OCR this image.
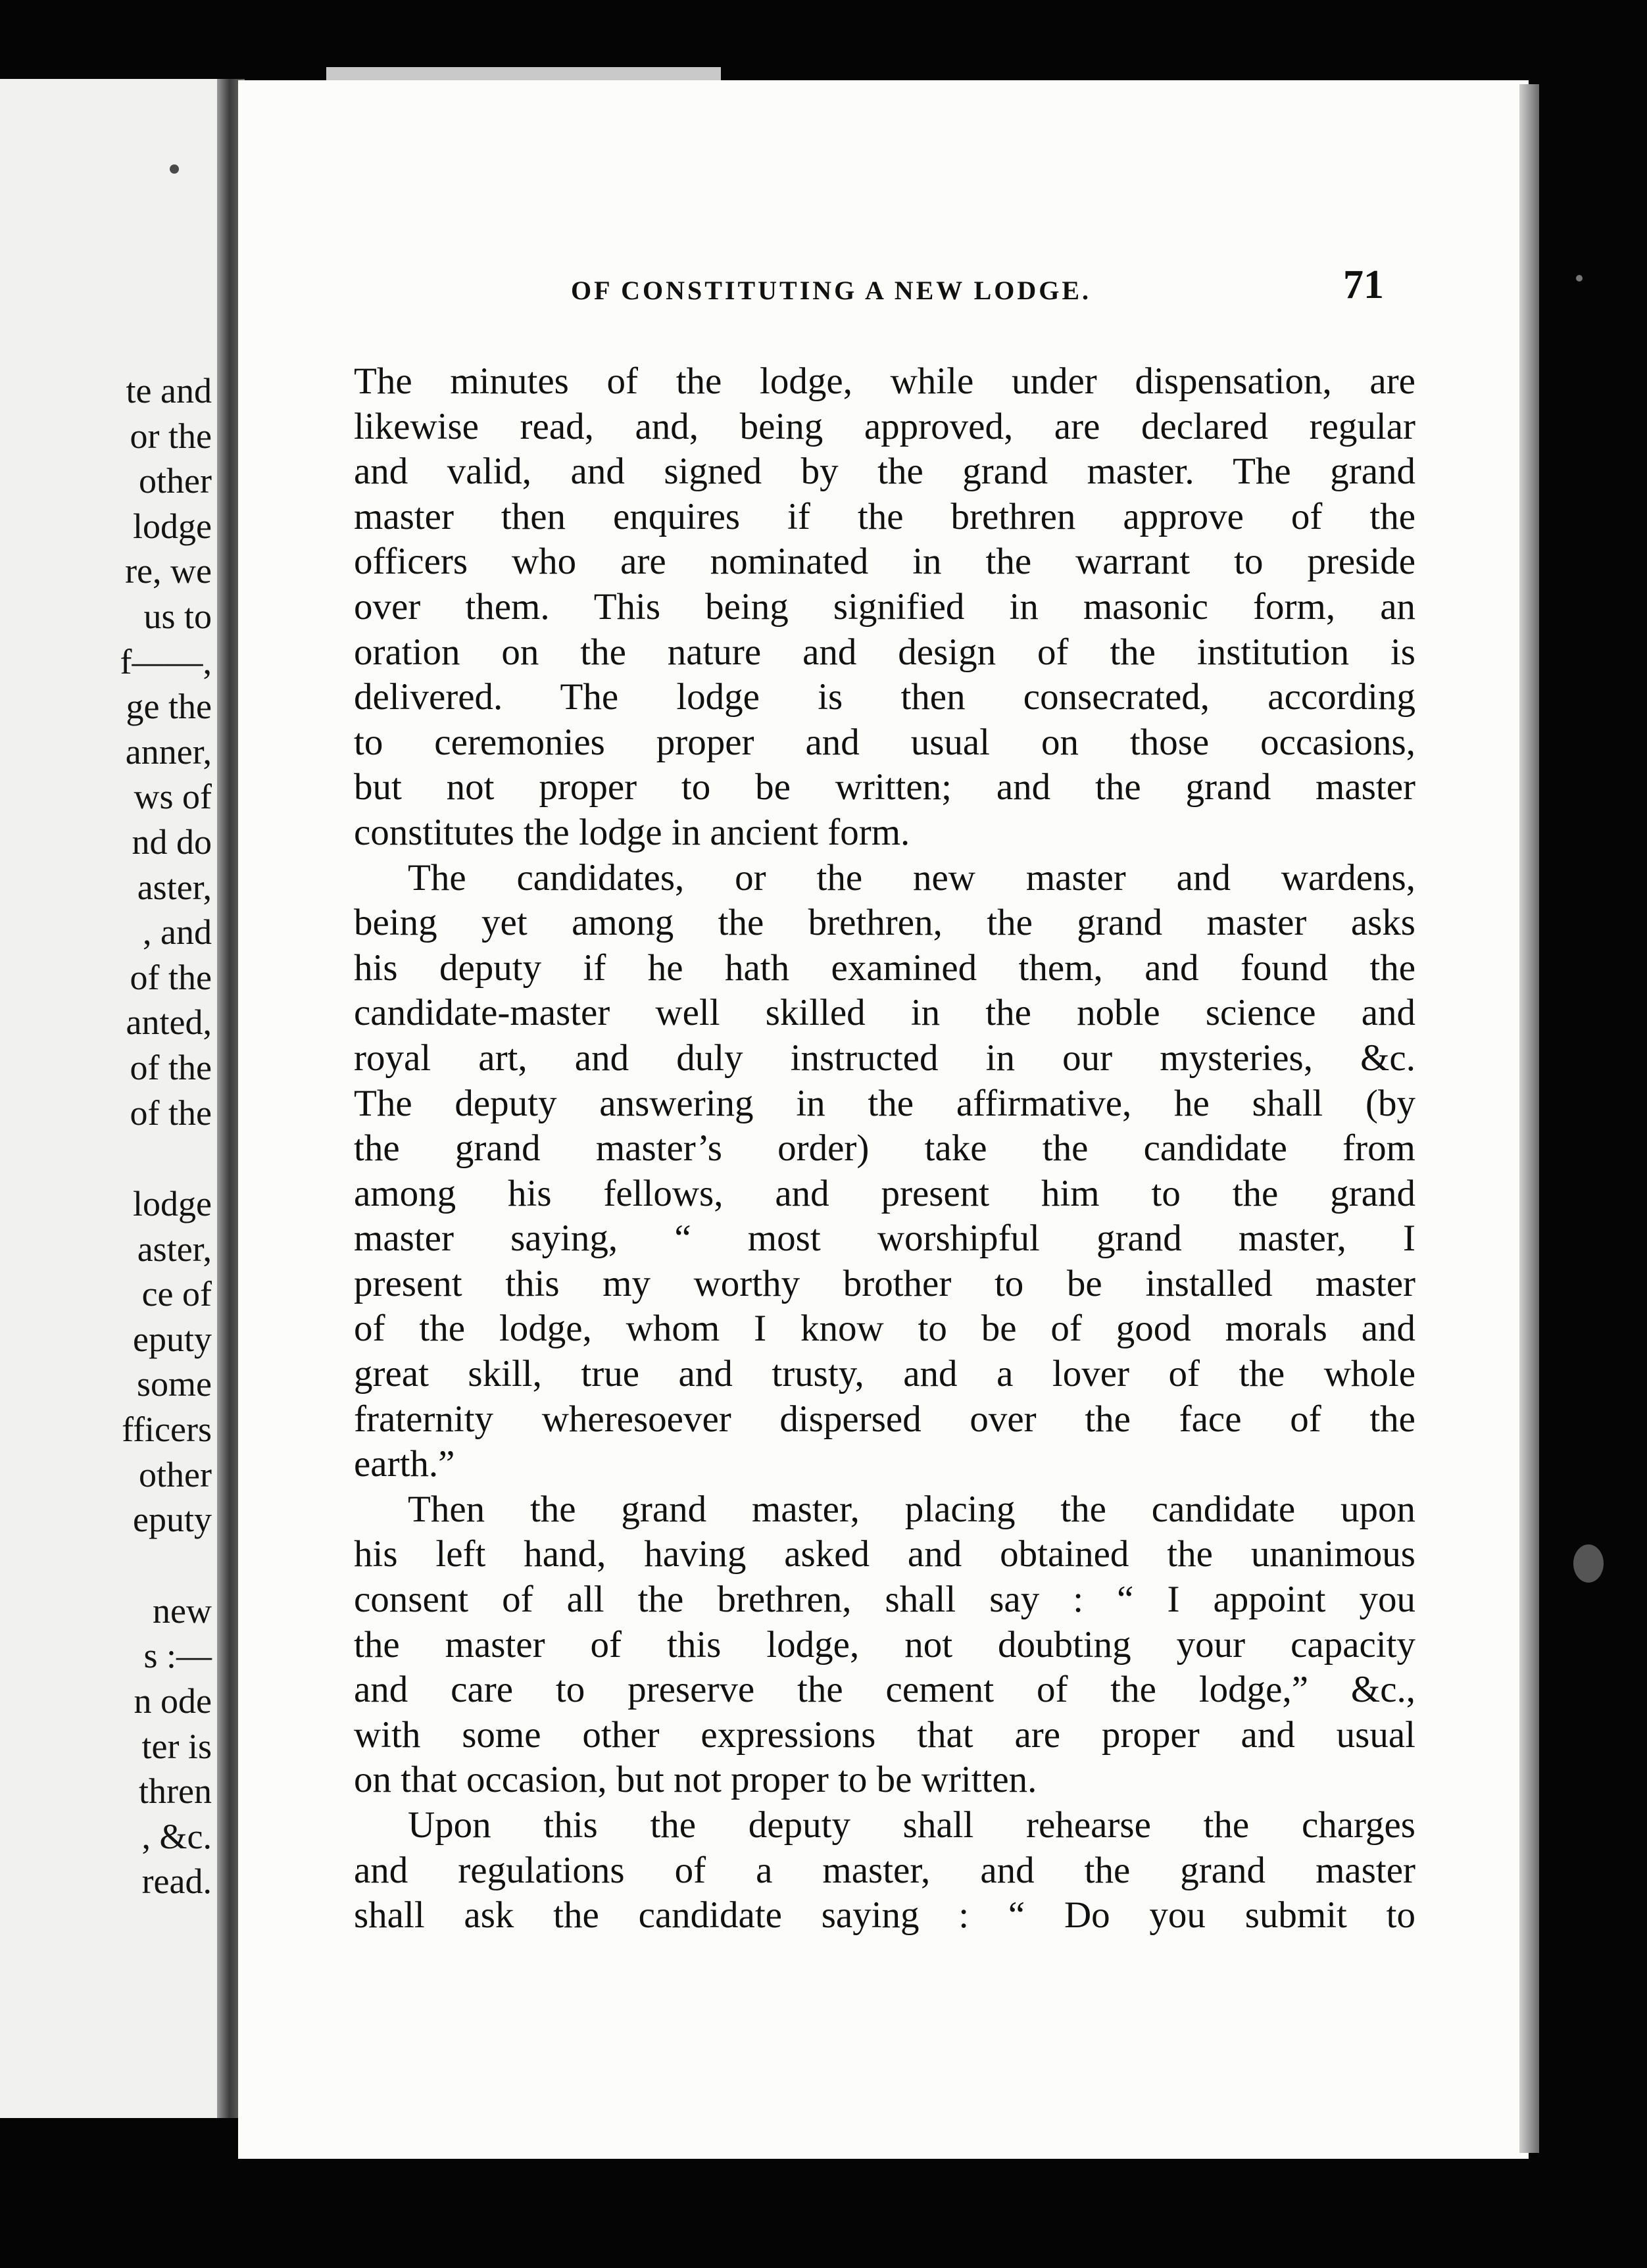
te and
or the
other
lodge
re, we
us to
f——,
ge the
anner,
ws of
nd do
aster,
, and
of the
anted,
of the
of the
lodge
aster,
ce of
eputy
some
fficers
other
eputy
new
s :—
n ode
ter is
thren
, &c.
read.
OF CONSTITUTING A NEW LODGE.	71
The minutes of the lodge, while under dispensation, are
likewise read, and, being approved, are declared regular
and valid, and signed by the grand master. The grand
master then enquires if the brethren approve of the
officers who are nominated in the warrant to preside
over them. This being signified in masonic form, an
oration on the nature and design of the institution is
delivered. The lodge is then consecrated, according
to ceremonies proper and usual on those occasions,
but not proper to be written; and the grand master
constitutes the lodge in ancient form.
The candidates, or the new master and wardens,
being yet among the brethren, the grand master asks
his deputy if he hath examined them, and found the
candidate-master well skilled in the noble science and
royal art, and duly instructed in our mysteries, &c.
The deputy answering in the affirmative, he shall (by
the grand master’s order) take the candidate from
among his fellows, and present him to the grand
master saying, “ most worshipful grand master, I
present this my worthy brother to be installed master
of the lodge, whom I know to be of good morals and
great skill, true and trusty, and a lover of the whole
fraternity wheresoever dispersed over the face of the
earth.”
Then the grand master, placing the candidate upon
his left hand, having asked and obtained the unanimous
consent of all the brethren, shall say : “ I appoint you
the master of this lodge, not doubting your capacity
and care to preserve the cement of the lodge,” &c.,
with some other expressions that are proper and usual
on that occasion, but not proper to be written.
Upon this the deputy shall rehearse the charges
and regulations of a master, and the grand master
shall ask the candidate saying : “ Do you submit to
